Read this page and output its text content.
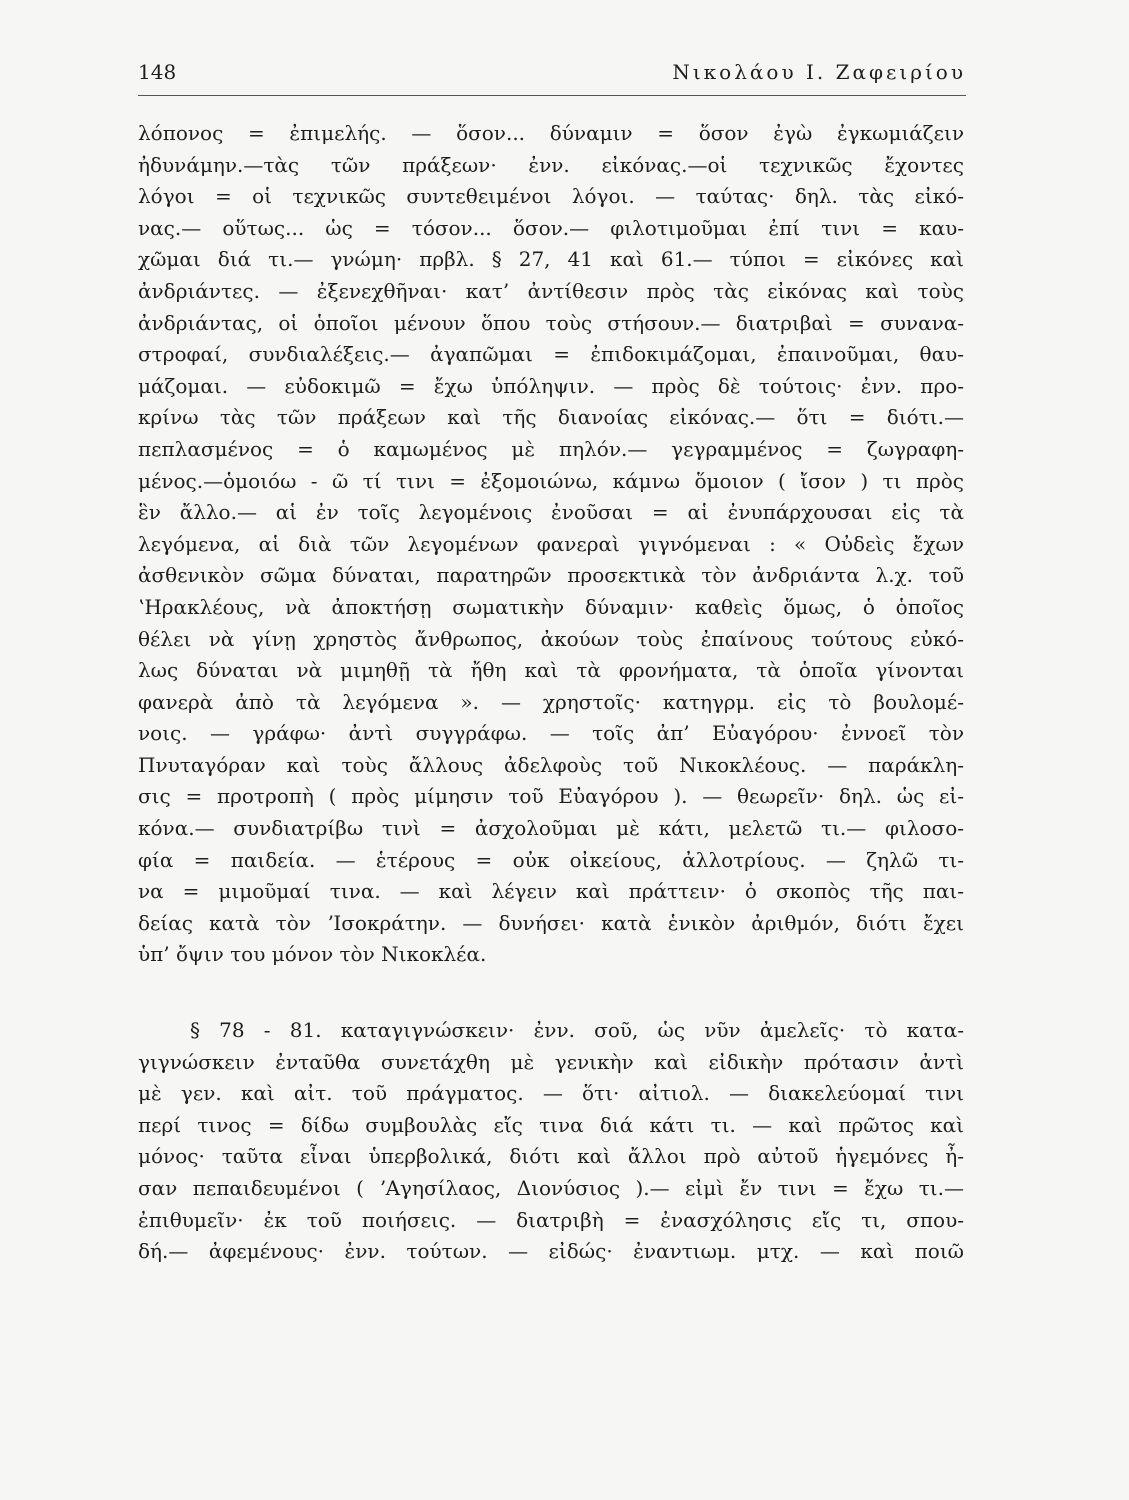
148	Νικολάου Ι. Ζαφειρίου
λόπονος = ἐπιμελής. — ὅσον... δύναμιν = ὅσον ἐγὼ ἐγκωμιάζειν
ἠδυνάμην.—τὰς τῶν πράξεων· ἐνν. εἰκόνας.—οἱ τεχνικῶς ἔχοντες
λόγοι = οἱ τεχνικῶς συντεθειμένοι λόγοι. — ταύτας· δηλ. τὰς εἰκό-
νας.— οὕτως... ὡς = τόσον... ὅσον.— φιλοτιμοῦμαι ἐπί τινι = καυ-
χῶμαι διά τι.— γνώμη· πρβλ. § 27, 41 καὶ 61.— τύποι = εἰκόνες καὶ
ἀνδριάντες. — ἐξενεχθῆναι· κατ’ ἀντίθεσιν πρὸς τὰς εἰκόνας καὶ τοὺς
ἀνδριάντας, οἱ ὁποῖοι μένουν ὅπου τοὺς στήσουν.— διατριβαὶ = συνανα-
στροφαί, συνδιαλέξεις.— ἀγαπῶμαι = ἐπιδοκιμάζομαι, ἐπαινοῦμαι, θαυ-
μάζομαι. — εὐδοκιμῶ = ἔχω ὑπόληψιν. — πρὸς δὲ τούτοις· ἐνν. προ-
κρίνω τὰς τῶν πράξεων καὶ τῆς διανοίας εἰκόνας.— ὅτι = διότι.—
πεπλασμένος = ὁ καμωμένος μὲ πηλόν.— γεγραμμένος = ζωγραφη-
μένος.—ὁμοιόω - ῶ τί τινι = ἐξομοιώνω, κάμνω ὅμοιον ( ἴσον ) τι πρὸς
ἓν ἄλλο.— αἱ ἐν τοῖς λεγομένοις ἐνοῦσαι = αἱ ἐνυπάρχουσαι εἰς τὰ
λεγόμενα, αἱ διὰ τῶν λεγομένων φανεραὶ γιγνόμεναι : « Οὐδεὶς ἔχων
ἀσθενικὸν σῶμα δύναται, παρατηρῶν προσεκτικὰ τὸν ἀνδριάντα λ.χ. τοῦ
ʽΗρακλέους, νὰ ἀποκτήσῃ σωματικὴν δύναμιν· καθεὶς ὅμως, ὁ ὁποῖος
θέλει νὰ γίνῃ χρηστὸς ἄνθρωπος, ἀκούων τοὺς ἐπαίνους τούτους εὐκό-
λως δύναται νὰ μιμηθῇ τὰ ἤθη καὶ τὰ φρονήματα, τὰ ὁποῖα γίνονται
φανερὰ ἀπὸ τὰ λεγόμενα ». — χρηστοῖς· κατηγρμ. εἰς τὸ βουλομέ-
νοις. — γράφω· ἀντὶ συγγράφω. — τοῖς ἀπ’ Εὐαγόρου· ἐννοεῖ τὸν
Πνυταγόραν καὶ τοὺς ἄλλους ἀδελφοὺς τοῦ Νικοκλέους. — παράκλη-
σις = προτροπὴ ( πρὸς μίμησιν τοῦ Εὐαγόρου ). — θεωρεῖν· δηλ. ὡς εἰ-
κόνα.— συνδιατρίβω τινὶ = ἀσχολοῦμαι μὲ κάτι, μελετῶ τι.— φιλοσο-
φία = παιδεία. — ἑτέρους = οὐκ οἰκείους, ἀλλοτρίους. — ζηλῶ τι-
να = μιμοῦμαί τινα. — καὶ λέγειν καὶ πράττειν· ὁ σκοπὸς τῆς παι-
δείας κατὰ τὸν ʼΙσοκράτην. — δυνήσει· κατὰ ἑνικὸν ἀριθμόν, διότι ἔχει
ὑπ’ ὄψιν του μόνον τὸν Νικοκλέα.
§ 78 - 81. καταγιγνώσκειν· ἐνν. σοῦ, ὡς νῦν ἀμελεῖς· τὸ κατα-
γιγνώσκειν ἐνταῦθα συνετάχθη μὲ γενικὴν καὶ εἰδικὴν πρότασιν ἀντὶ
μὲ γεν. καὶ αἰτ. τοῦ πράγματος. — ὅτι· αἰτιολ. — διακελεύομαί τινι
περί τινος = δίδω συμβουλὰς εἴς τινα διά κάτι τι. — καὶ πρῶτος καὶ
μόνος· ταῦτα εἶναι ὑπερβολικά, διότι καὶ ἄλλοι πρὸ αὐτοῦ ἡγεμόνες ἦ-
σαν πεπαιδευμένοι ( ʼΑγησίλαος, Διονύσιος ).— εἰμὶ ἔν τινι = ἔχω τι.—
ἐπιθυμεῖν· ἐκ τοῦ ποιήσεις. — διατριβὴ = ἐνασχόλησις εἴς τι, σπου-
δή.— ἀφεμένους· ἐνν. τούτων. — εἰδώς· ἐναντιωμ. μτχ. — καὶ ποιῶ
